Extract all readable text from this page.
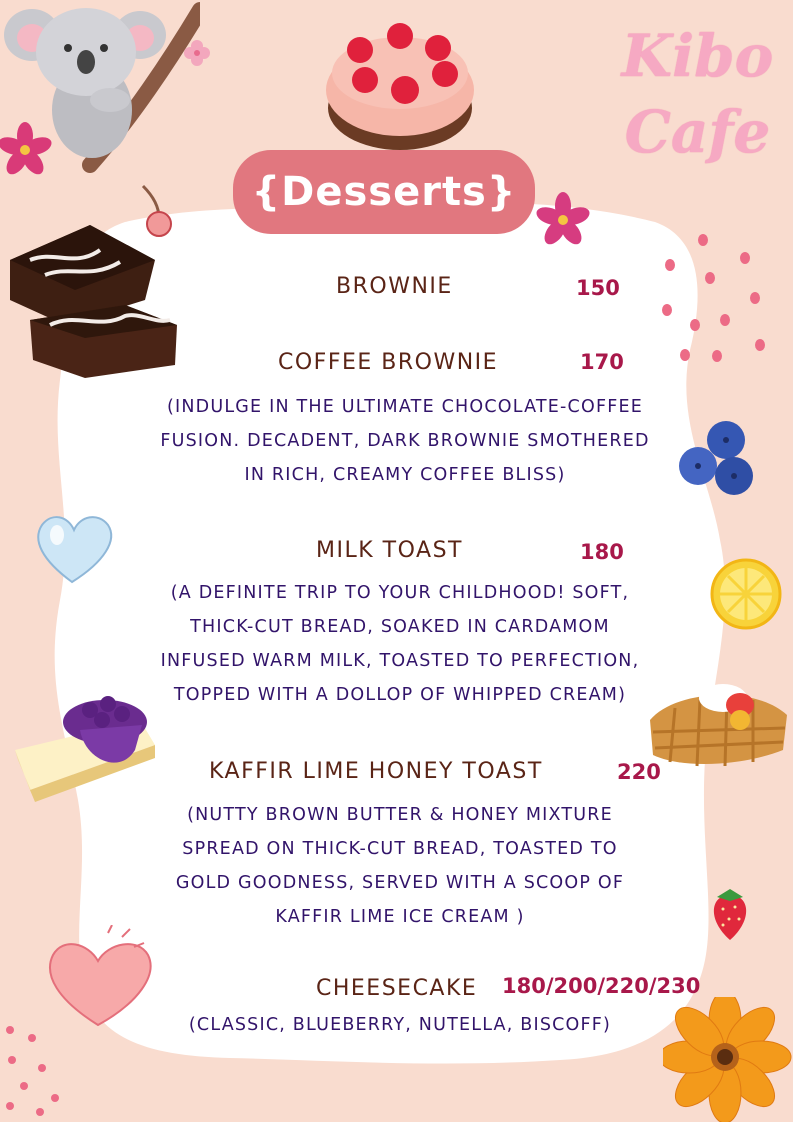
{Desserts}
Kibo
Cafe
BROWNIE	150
COFFEE BROWNIE	170
(INDULGE IN THE ULTIMATE CHOCOLATE-COFFEE
FUSION. DECADENT, DARK BROWNIE SMOTHERED
IN RICH, CREAMY COFFEE BLISS)
MILK TOAST	180
(A DEFINITE TRIP TO YOUR CHILDHOOD! SOFT,
THICK-CUT BREAD, SOAKED IN CARDAMOM
INFUSED WARM MILK, TOASTED TO PERFECTION,
TOPPED WITH A DOLLOP OF WHIPPED CREAM)
KAFFIR LIME HONEY TOAST	220
(NUTTY BROWN BUTTER & HONEY MIXTURE
SPREAD ON THICK-CUT BREAD, TOASTED TO
GOLD GOODNESS, SERVED WITH A SCOOP OF
KAFFIR LIME ICE CREAM )
CHEESECAKE 180/200/220/230
(CLASSIC, BLUEBERRY, NUTELLA, BISCOFF)
